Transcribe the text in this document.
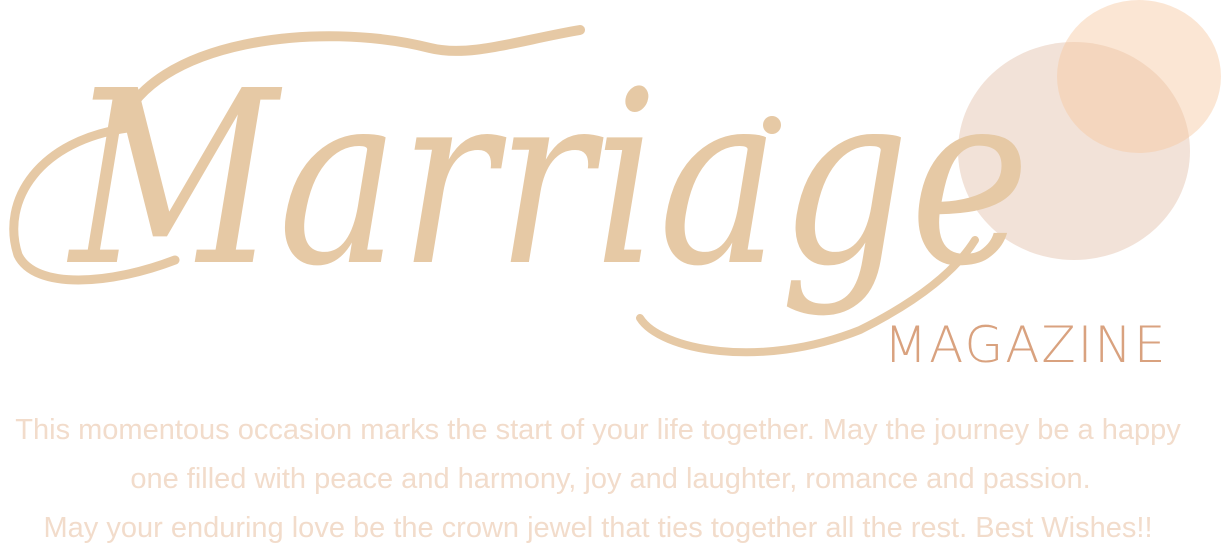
Marriage
MAGAZINE
This momentous occasion marks the start of your life together. May the journey be a happy
one filled with peace and harmony, joy and laughter, romance and passion.
May your enduring love be the crown jewel that ties together all the rest. Best Wishes!!
